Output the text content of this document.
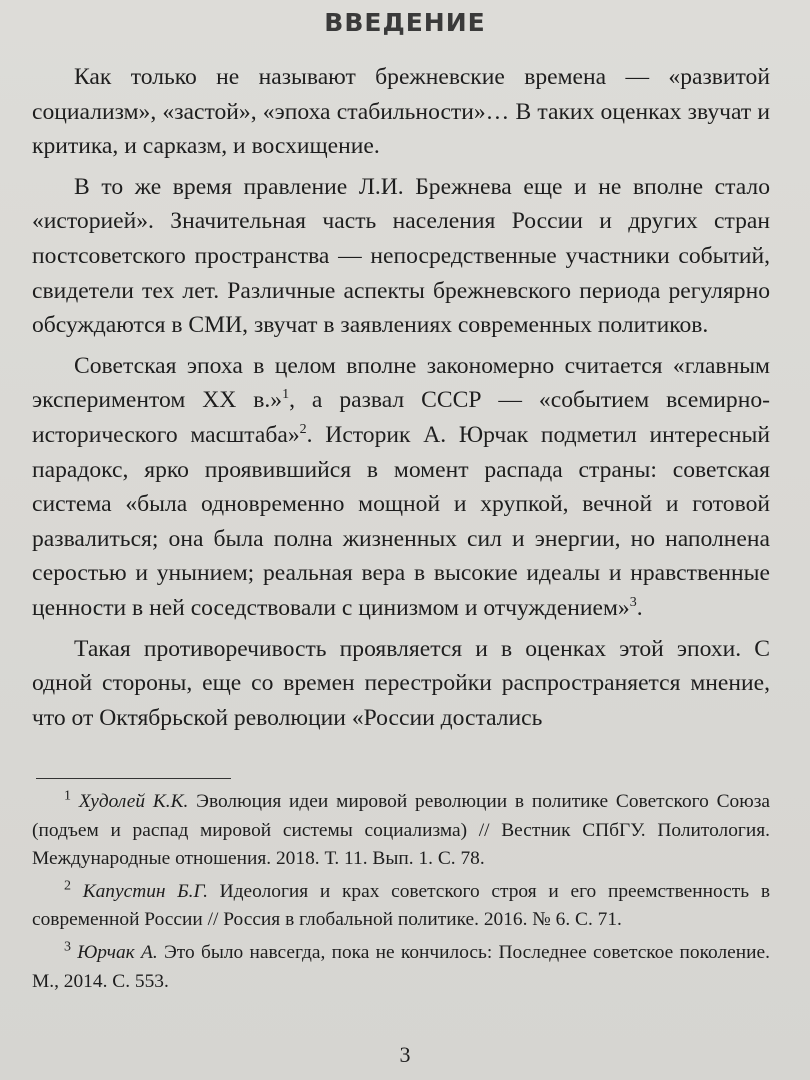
ВВЕДЕНИЕ

Как только не называют брежневские времена — «развитой социализм», «застой», «эпоха стабильности»… В таких оценках звучат и критика, и сарказм, и восхищение.

В то же время правление Л.И. Брежнева еще и не вполне стало «историей». Значительная часть населения России и других стран постсоветского пространства — непосредственные участники событий, свидетели тех лет. Различные аспекты брежневского периода регулярно обсуждаются в СМИ, звучат в заявлениях современных политиков.

Советская эпоха в целом вполне закономерно считается «главным экспериментом XX в.»$^1$, а развал СССР — «событием всемирно-исторического масштаба»$^2$. Историк А. Юрчак подметил интересный парадокс, ярко проявившийся в момент распада страны: советская система «была одновременно мощной и хрупкой, вечной и готовой развалиться; она была полна жизненных сил и энергии, но наполнена серостью и унынием; реальная вера в высокие идеалы и нравственные ценности в ней соседствовали с цинизмом и отчуждением»$^3$.

Такая противоречивость проявляется и в оценках этой эпохи. С одной стороны, еще со времен перестройки распространяется мнение, что от Октябрьской революции «России достались

$^1$ Худолей К.К. Эволюция идеи мировой революции в политике Советского Союза (подъем и распад мировой системы социализма) // Вестник СПбГУ. Политология. Международные отношения. 2018. Т. 11. Вып. 1. С. 78.

$^2$ Капустин Б.Г. Идеология и крах советского строя и его преемственность в современной России // Россия в глобальной политике. 2016. № 6. С. 71.

$^3$ Юрчак А. Это было навсегда, пока не кончилось: Последнее советское поколение. М., 2014. С. 553.

3
